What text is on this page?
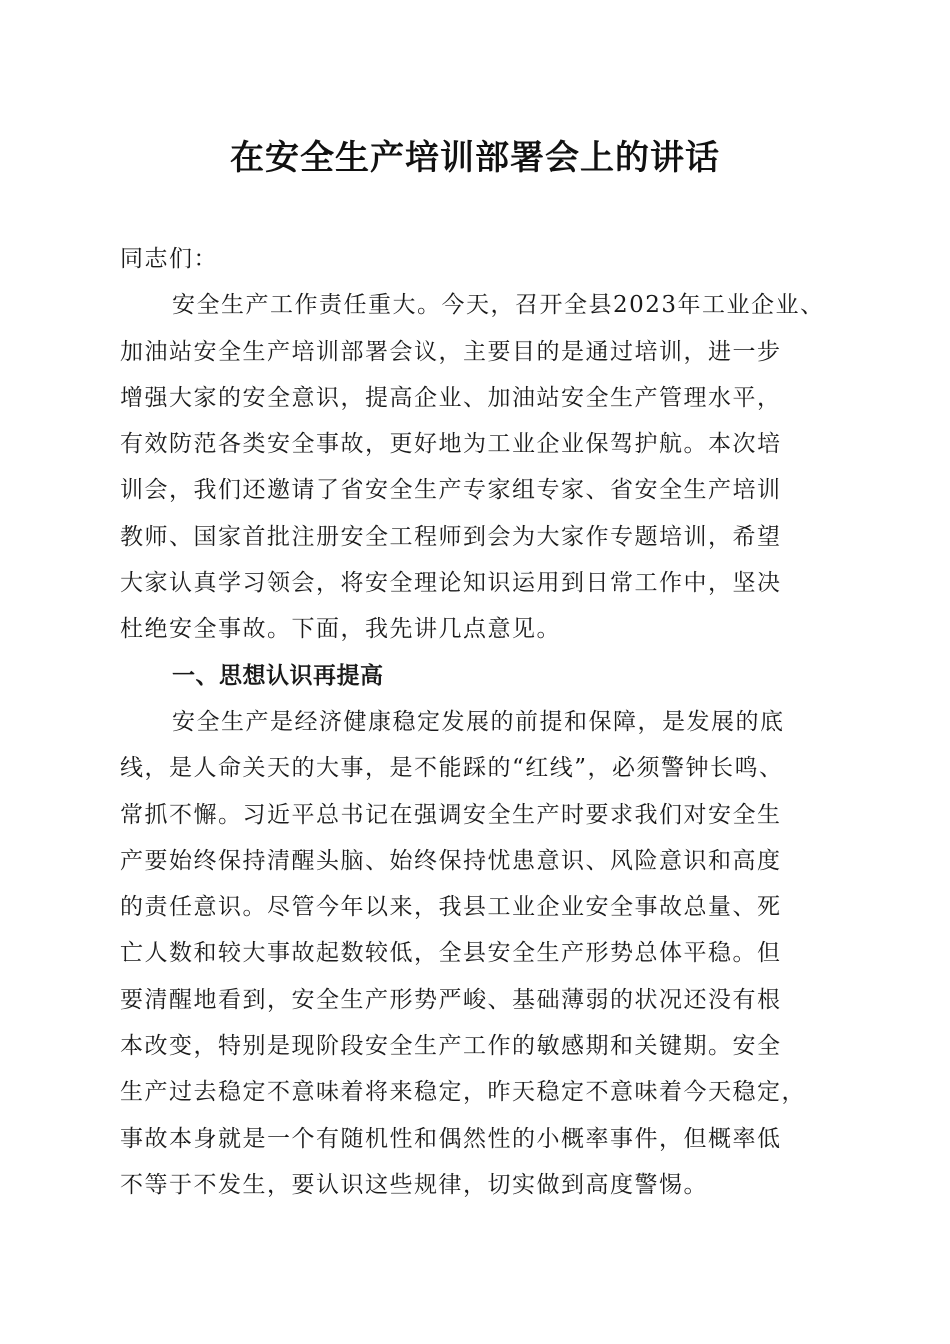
在安全生产培训部署会上的讲话
同志们：
安全生产工作责任重大。今天，召开全县2023年工业企业、
加油站安全生产培训部署会议，主要目的是通过培训，进一步
增强大家的安全意识，提高企业、加油站安全生产管理水平，
有效防范各类安全事故，更好地为工业企业保驾护航。本次培
训会，我们还邀请了省安全生产专家组专家、省安全生产培训
教师、国家首批注册安全工程师到会为大家作专题培训，希望
大家认真学习领会，将安全理论知识运用到日常工作中，坚决
杜绝安全事故。下面，我先讲几点意见。
一、思想认识再提高
安全生产是经济健康稳定发展的前提和保障，是发展的底
线，是人命关天的大事，是不能踩的“红线”，必须警钟长鸣、
常抓不懈。习近平总书记在强调安全生产时要求我们对安全生
产要始终保持清醒头脑、始终保持忧患意识、风险意识和高度
的责任意识。尽管今年以来，我县工业企业安全事故总量、死
亡人数和较大事故起数较低，全县安全生产形势总体平稳。但
要清醒地看到，安全生产形势严峻、基础薄弱的状况还没有根
本改变，特别是现阶段安全生产工作的敏感期和关键期。安全
生产过去稳定不意味着将来稳定，昨天稳定不意味着今天稳定，
事故本身就是一个有随机性和偶然性的小概率事件，但概率低
不等于不发生，要认识这些规律，切实做到高度警惕。
